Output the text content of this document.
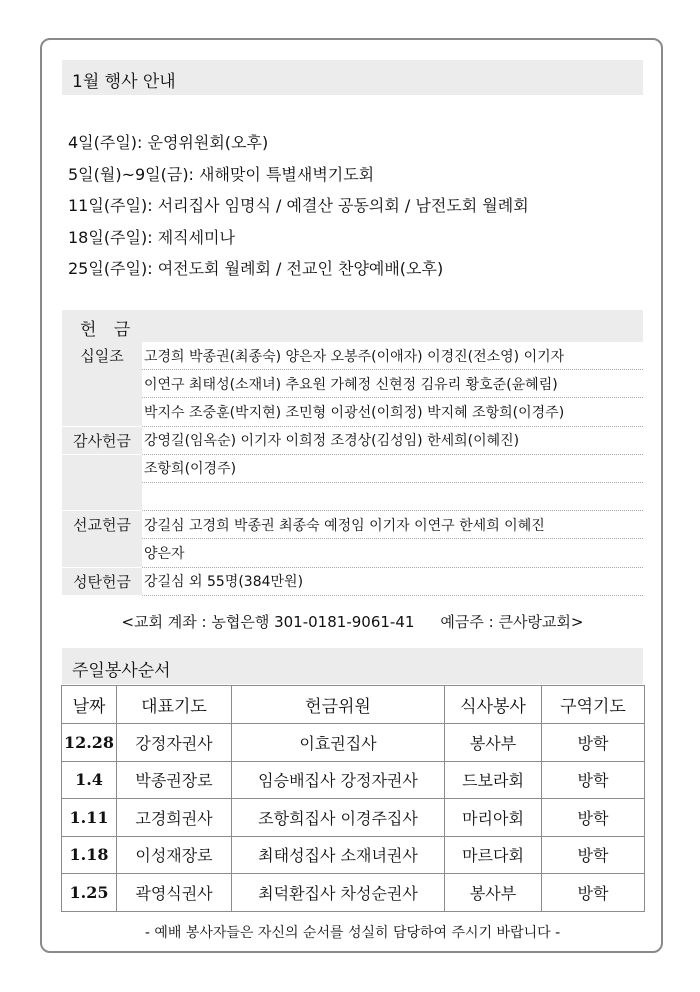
1월 행사 안내
4일(주일): 운영위원회(오후)
5일(월)~9일(금): 새해맞이 특별새벽기도회
11일(주일): 서리집사 임명식 / 예결산 공동의회 / 남전도회 월례회
18일(주일): 제직세미나
25일(주일): 여전도회 월례회 / 전교인 찬양예배(오후)
헌 금
십일조	고경희 박종권(최종숙) 양은자 오봉주(이애자) 이경진(전소영) 이기자
	이연구 최태성(소재녀) 추요원 가혜정 신현정 김유리 황호준(윤혜림)
	박지수 조중훈(박지현) 조민형 이광선(이희정) 박지혜 조항희(이경주)
감사헌금	강영길(임옥순) 이기자 이희정 조경상(김성임) 한세희(이혜진)
	조항희(이경주)

선교헌금	강길심 고경희 박종권 최종숙 예정임 이기자 이연구 한세희 이혜진
	양은자
성탄헌금	강길심 외 55명(384만원)
<교회 계좌 : 농협은행 301-0181-9061-41 예금주 : 큰사랑교회>
주일봉사순서
날짜	대표기도	헌금위원	식사봉사	구역기도
12.28	강정자권사	이효권집사	봉사부	방학
1.4	박종권장로	임승배집사 강정자권사	드보라회	방학
1.11	고경희권사	조항희집사 이경주집사	마리아회	방학
1.18	이성재장로	최태성집사 소재녀권사	마르다회	방학
1.25	곽영식권사	최덕환집사 차성순권사	봉사부	방학
- 예배 봉사자들은 자신의 순서를 성실히 담당하여 주시기 바랍니다 -
